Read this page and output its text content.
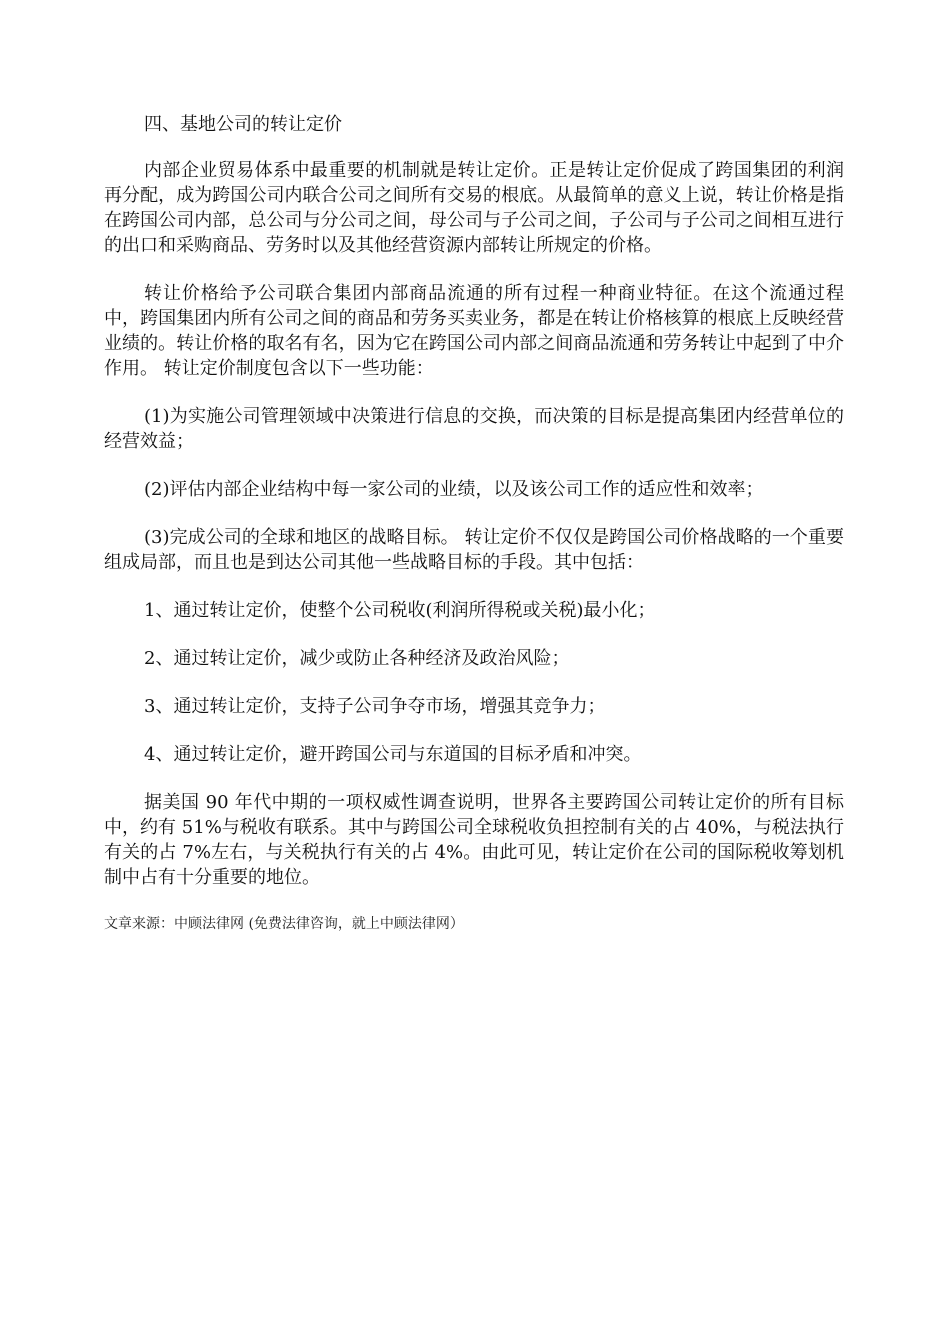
四、基地公司的转让定价

内部企业贸易体系中最重要的机制就是转让定价。正是转让定价促成了跨国集团的利润再分配，成为跨国公司内联合公司之间所有交易的根底。从最简单的意义上说，转让价格是指在跨国公司内部，总公司与分公司之间，母公司与子公司之间，子公司与子公司之间相互进行的出口和采购商品、劳务时以及其他经营资源内部转让所规定的价格。

转让价格给予公司联合集团内部商品流通的所有过程一种商业特征。在这个流通过程中，跨国集团内所有公司之间的商品和劳务买卖业务，都是在转让价格核算的根底上反映经营业绩的。转让价格的取名有名，因为它在跨国公司内部之间商品流通和劳务转让中起到了中介作用。 转让定价制度包含以下一些功能：

(1)为实施公司管理领域中决策进行信息的交换，而决策的目标是提高集团内经营单位的经营效益；

(2)评估内部企业结构中每一家公司的业绩，以及该公司工作的适应性和效率；

(3)完成公司的全球和地区的战略目标。 转让定价不仅仅是跨国公司价格战略的一个重要组成局部，而且也是到达公司其他一些战略目标的手段。其中包括：

1、通过转让定价，使整个公司税收(利润所得税或关税)最小化；

2、通过转让定价，减少或防止各种经济及政治风险；

3、通过转让定价，支持子公司争夺市场，增强其竞争力；

4、通过转让定价，避开跨国公司与东道国的目标矛盾和冲突。

据美国 90 年代中期的一项权威性调查说明，世界各主要跨国公司转让定价的所有目标中，约有 51%与税收有联系。其中与跨国公司全球税收负担控制有关的占 40%，与税法执行有关的占 7%左右，与关税执行有关的占 4%。由此可见，转让定价在公司的国际税收筹划机制中占有十分重要的地位。

文章来源：中顾法律网 (免费法律咨询，就上中顾法律网）
